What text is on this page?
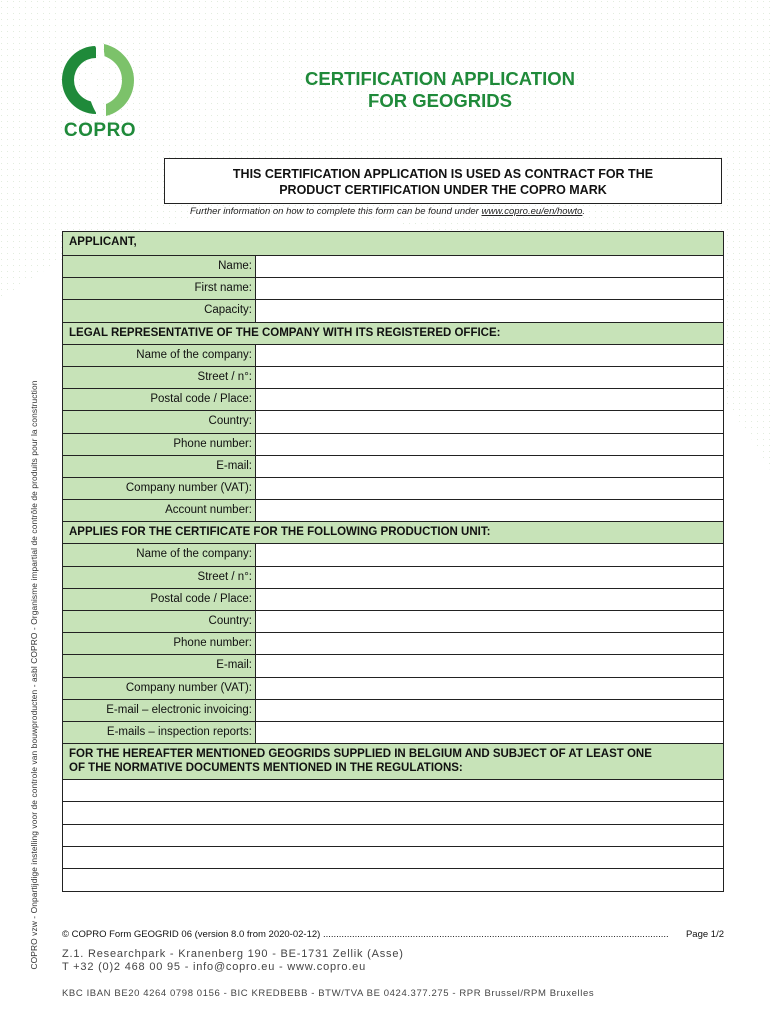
COPRO
CERTIFICATION APPLICATION
FOR GEOGRIDS
THIS CERTIFICATION APPLICATION IS USED AS CONTRACT FOR THE
PRODUCT CERTIFICATION UNDER THE COPRO MARK
Further information on how to complete this form can be found under www.copro.eu/en/howto.
APPLICANT,
Name:
First name:
Capacity:
LEGAL REPRESENTATIVE OF THE COMPANY WITH ITS REGISTERED OFFICE:
Name of the company:
Street / n°:
Postal code / Place:
Country:
Phone number:
E-mail:
Company number (VAT):
Account number:
APPLIES FOR THE CERTIFICATE FOR THE FOLLOWING PRODUCTION UNIT:
Name of the company:
Street / n°:
Postal code / Place:
Country:
Phone number:
E-mail:
Company number (VAT):
E-mail – electronic invoicing:
E-mails – inspection reports:
FOR THE HEREAFTER MENTIONED GEOGRIDS SUPPLIED IN BELGIUM AND SUBJECT OF AT LEAST ONE
OF THE NORMATIVE DOCUMENTS MENTIONED IN THE REGULATIONS:
COPRO vzw - Onpartijdige instelling voor de controle van bouwproducten - asbl COPRO - Organisme impartial de contrôle de produits pour la construction © COPRO Form GEOGRID 06 (version 8.0 from 2020-02-12) ...................................................................................................................................	Page 1/2
Z.1. Researchpark - Kranenberg 190 - BE-1731 Zellik (Asse)
T +32 (0)2 468 00 95 - info@copro.eu - www.copro.eu
KBC IBAN BE20 4264 0798 0156 - BIC KREDBEBB - BTW/TVA BE 0424.377.275 - RPR Brussel/RPM Bruxelles
